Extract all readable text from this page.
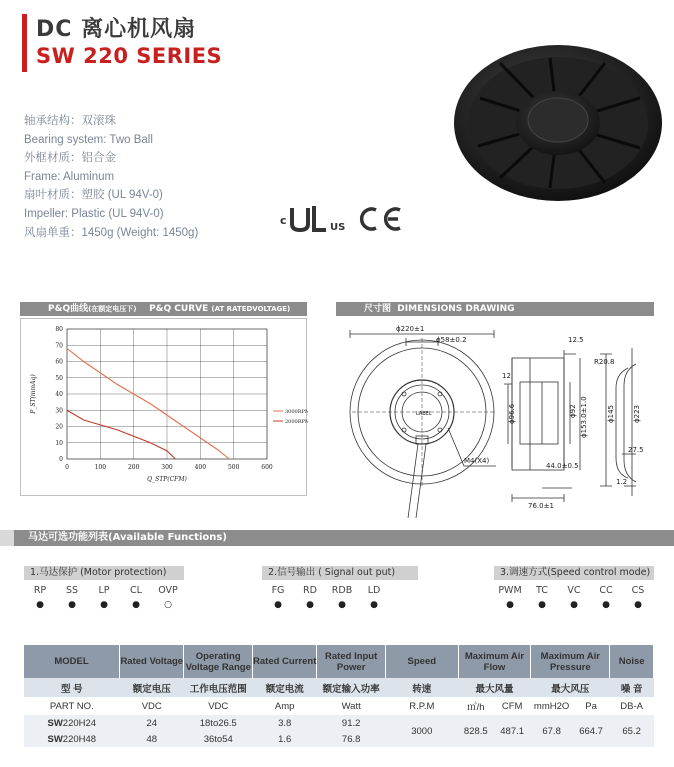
DC 离心机风扇
SW 220 SERIES
轴承结构：双滚珠
Bearing system: Two Ball
外框材质：铝合金
Frame: Aluminum
扇叶材质：塑胶 (UL 94V-0)
Impeller: Plastic (UL 94V-0)
风扇单重：1450g (Weight: 1450g)
c
US
P&Q曲线(在额定电压下) P&Q CURVE (AT RATEDVOLTAGE)
0
10
20
30
40
50
60
70
80
0	100	200	300	400	500	600
Q_STP(CFM)
P_ST(mmAq)	3000RPM
2000RPM
尺寸图 DIMENSIONS DRAWING
ɸ220±1
ɸ58±0.2
LABEL
M4(X4)
12.5
R20.8
12
44.0±0.5
76.0±1
27.5
1.2
ɸ96.6	ɸ92 ɸ153.0±1.0	ɸ145	ɸ223
马达可选功能列表(Available Functions)
1.马达保护 (Motor protection)
RP	SS	LP	CL	OVP
●	●	●	●	○
2.信号输出 ( Signal out put)
FG	RD	RDB	LD
●	●	●	●
3.调速方式(Speed control mode)
PWM	TC	VC	CC	CS
●	●	●	●	●
MODEL	Rated Voltage	Operating Voltage Range	Rated Current	Rated Input Power	Speed	Maximum Air Flow		Maximum Air Pressure		Noise
型 号	额定电压	工作电压范围	额定电流	额定输入功率	转速	最大风量		最大风压		噪 音
PART NO.	VDC	VDC	Amp	Watt	R.P.M	㎥/h	CFM	mmH2O	Pa	DB-A
SW220H24	24	18to26.5	3.8	91.2	3000	828.5	487.1	67.8	664.7	65.2
SW220H48	48	36to54	1.6	76.8						
